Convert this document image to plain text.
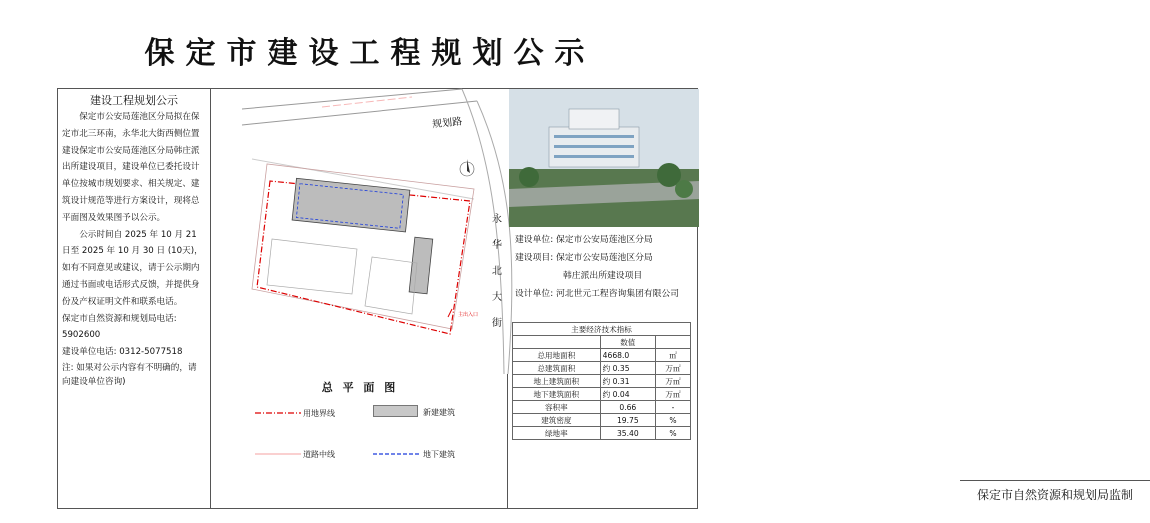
保定市建设工程规划公示
建设工程规划公示

保定市公安局莲池区分局拟在保定市北三环南，永华北大街西侧位置建设保定市公安局莲池区分局韩庄派出所建设项目，建设单位已委托设计单位按城市规划要求、相关规定、建筑设计规范等进行方案设计，现将总平面图及效果图予以公示。

公示时间自 2025 年 10 月 21 日至 2025 年 10 月 30 日 (10天)，如有不同意见或建议，请于公示期内通过书面或电话形式反馈，并提供身份及产权证明文件和联系电话。

保定市自然资源和规划局电话:

5902600

建设单位电话: 0312-5077518

注: 如果对公示内容有不明确的，请向建设单位咨询)

规划路
永
华
北
大
街
主出入口
总 平 面 图
用地界线	新建建筑
道路中线	地下建筑
建设单位: 保定市公安局莲池区分局
建设项目: 保定市公安局莲池区分局
韩庄派出所建设项目
设计单位: 河北世元工程咨询集团有限公司
主要经济技术指标		
	数值	
总用地面积	4668.0	㎡
总建筑面积	约 0.35	万㎡
地上建筑面积	约 0.31	万㎡
地下建筑面积	约 0.04	万㎡
容积率	0.66	-
建筑密度	19.75	%
绿地率	35.40	%
保定市自然资源和规划局监制
